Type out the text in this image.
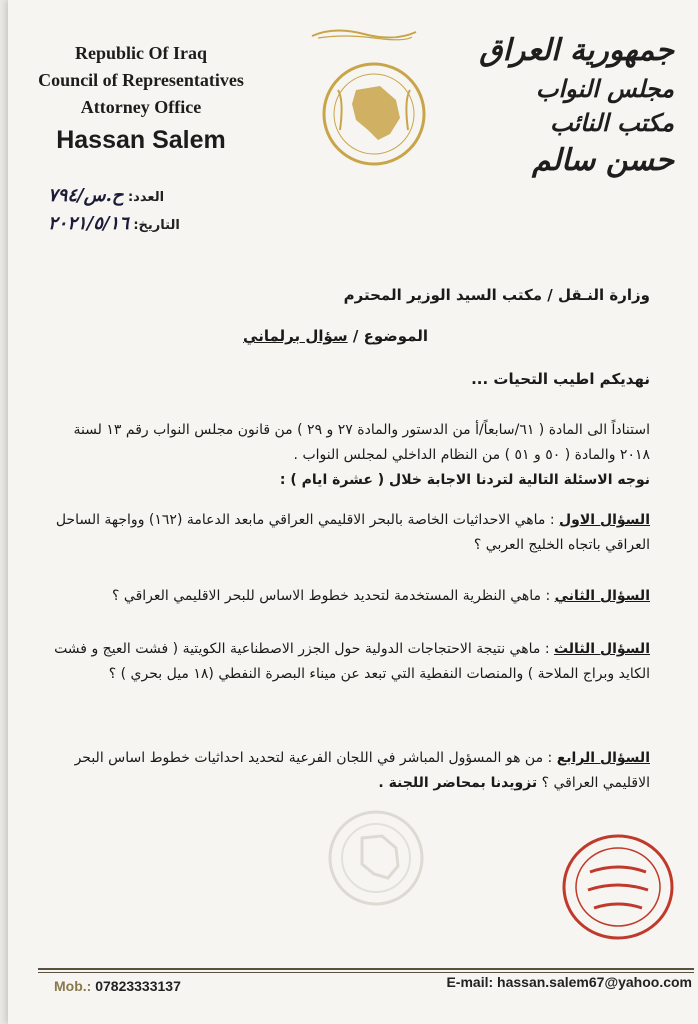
Republic Of Iraq
Council of Representatives
Attorney Office
Hassan Salem
جمهورية العراق
مجلس النواب
مكتب النائب
حسن سالم
العدد: ح.س/٧٩٤
التاريخ: ٢٠٢١/٥/١٦
وزارة النـقل / مكتب السيد الوزير المحترم
الموضوع / سؤال برلماني
نهديكم اطيب التحيات ...
استناداً الى المادة ( ٦١/سابعاً/أ من الدستور والمادة ٢٧ و ٢٩ ) من قانون مجلس النواب رقم ١٣ لسنة ٢٠١٨ والمادة ( ٥٠ و ٥١ ) من النظام الداخلي لمجلس النواب .
نوجه الاسئلة التالية لتردنا الاجابة خلال ( عشرة ايام ) :
السؤال الاول : ماهي الاحداثيات الخاصة بالبحر الاقليمي العراقي مابعد الدعامة (١٦٢) وواجهة الساحل العراقي باتجاه الخليج العربي ؟
السؤال الثاني : ماهي النظرية المستخدمة لتحديد خطوط الاساس للبحر الاقليمي العراقي ؟
السؤال الثالث : ماهي نتيجة الاحتجاجات الدولية حول الجزر الاصطناعية الكويتية ( فشت العيج و فشت الكايد وبراج الملاحة ) والمنصات النفطية التي تبعد عن ميناء البصرة النفطي (١٨ ميل بحري ) ؟
السؤال الرابع : من هو المسؤول المباشر في اللجان الفرعية لتحديد احداثيات خطوط اساس البحر الاقليمي العراقي ؟ تزويدنا بمحاضر اللجنة .
Mob.: 07823333137	E-mail: hassan.salem67@yahoo.com
